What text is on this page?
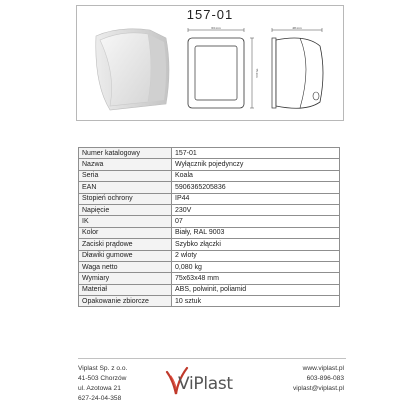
157-01
63 mm
75 mm
48 mm
Numer katalogowy	157-01
Nazwa	Wyłącznik pojedynczy
Seria	Koala
EAN	5906365205836
Stopień ochrony	IP44
Napięcie	230V
IK	07
Kolor	Biały, RAL 9003
Zaciski prądowe	Szybko złączki
Dławiki gumowe	2 wloty
Waga netto	0,080 kg
Wymiary	75x63x48 mm
Materiał	ABS, polwinit, poliamid
Opakowanie zbiorcze	10 sztuk
Viplast Sp. z o.o.
41-503 Chorzów
ul. Azotowa 21
627-24-04-358
ViPlast
www.viplast.pl
603-896-083
viplast@viplast.pl
